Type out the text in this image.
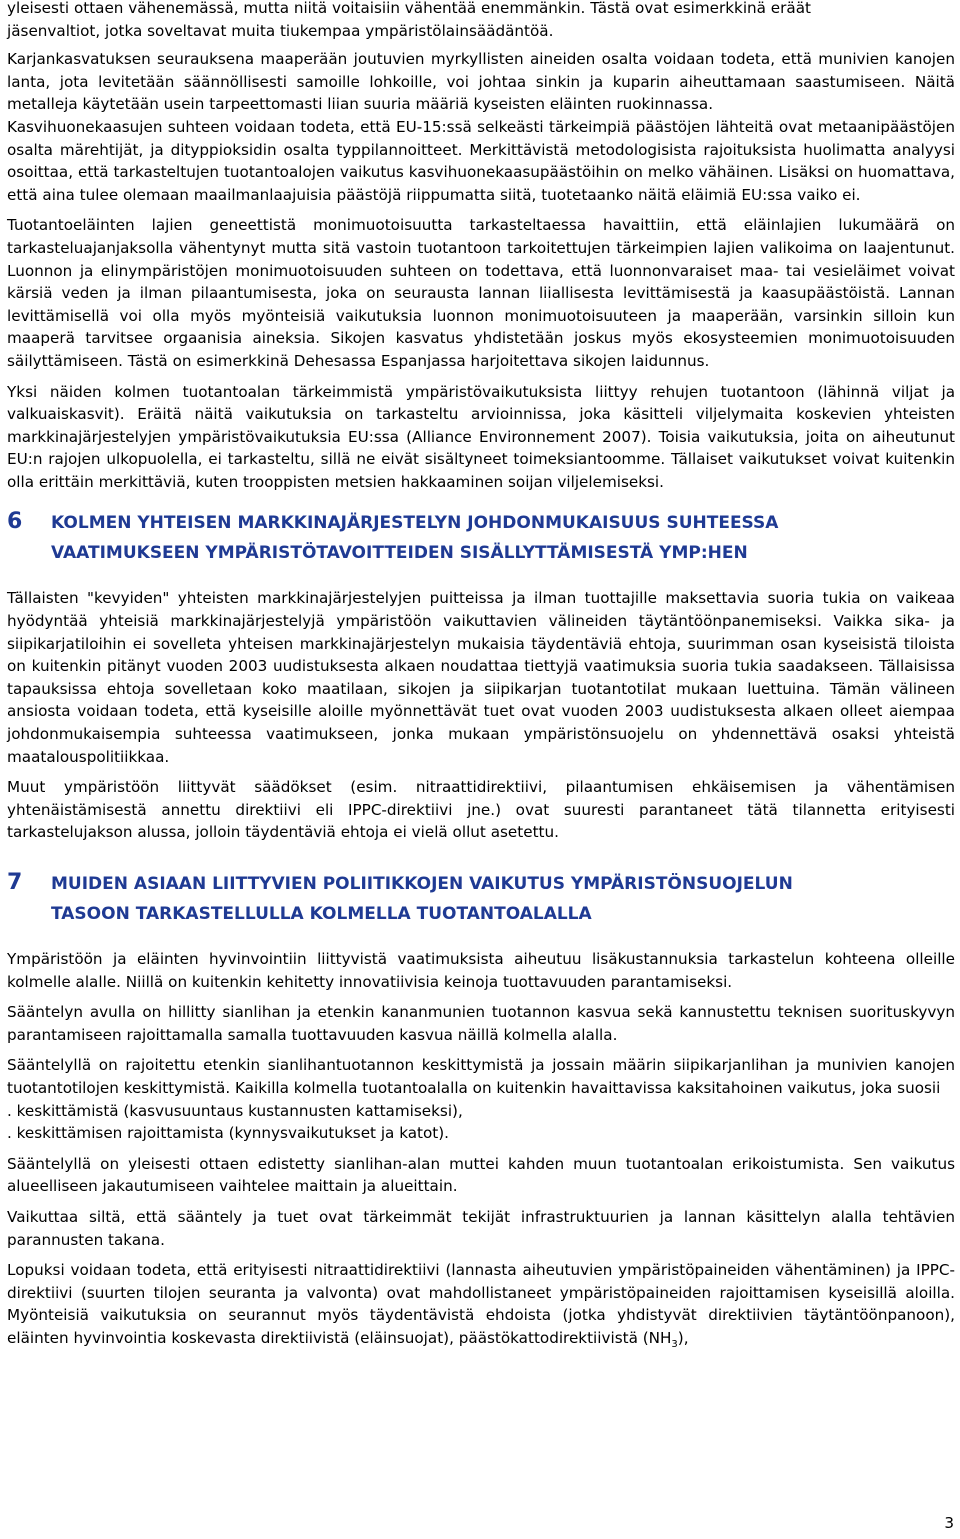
yleisesti ottaen vähenemässä, mutta niitä voitaisiin vähentää enemmänkin. Tästä ovat esimerkkinä eräät
jäsenvaltiot, jotka soveltavat muita tiukempaa ympäristölainsäädäntöä.

Karjankasvatuksen seurauksena maaperään joutuvien myrkyllisten aineiden osalta voidaan todeta, että munivien kanojen lanta, jota levitetään säännöllisesti samoille lohkoille, voi johtaa sinkin ja kuparin aiheuttamaan saastumiseen. Näitä metalleja käytetään usein tarpeettomasti liian suuria määriä kyseisten eläinten ruokinnassa.

Kasvihuonekaasujen suhteen voidaan todeta, että EU-15:ssä selkeästi tärkeimpiä päästöjen lähteitä ovat metaanipäästöjen osalta märehtijät, ja dityppioksidin osalta typpilannoitteet. Merkittävistä metodologisista rajoituksista huolimatta analyysi osoittaa, että tarkasteltujen tuotantoalojen vaikutus kasvihuonekaasupäästöihin on melko vähäinen. Lisäksi on huomattava, että aina tulee olemaan maailmanlaajuisia päästöjä riippumatta siitä, tuotetaanko näitä eläimiä EU:ssa vaiko ei.

Tuotantoeläinten lajien geneettistä monimuotoisuutta tarkasteltaessa havaittiin, että eläinlajien lukumäärä on tarkasteluajanjaksolla vähentynyt mutta sitä vastoin tuotantoon tarkoitettujen tärkeimpien lajien valikoima on laajentunut. Luonnon ja elinympäristöjen monimuotoisuuden suhteen on todettava, että luonnonvaraiset maa- tai vesieläimet voivat kärsiä veden ja ilman pilaantumisesta, joka on seurausta lannan liiallisesta levittämisestä ja kaasupäästöistä. Lannan levittämisellä voi olla myös myönteisiä vaikutuksia luonnon monimuotoisuuteen ja maaperään, varsinkin silloin kun maaperä tarvitsee orgaanisia aineksia. Sikojen kasvatus yhdistetään joskus myös ekosysteemien monimuotoisuuden säilyttämiseen. Tästä on esimerkkinä Dehesassa Espanjassa harjoitettava sikojen laidunnus.

Yksi näiden kolmen tuotantoalan tärkeimmistä ympäristövaikutuksista liittyy rehujen tuotantoon (lähinnä viljat ja valkuaiskasvit). Eräitä näitä vaikutuksia on tarkasteltu arvioinnissa, joka käsitteli viljelymaita koskevien yhteisten markkinajärjestelyjen ympäristövaikutuksia EU:ssa (Alliance Environnement 2007). Toisia vaikutuksia, joita on aiheutunut EU:n rajojen ulkopuolella, ei tarkasteltu, sillä ne eivät sisältyneet toimeksiantoomme. Tällaiset vaikutukset voivat kuitenkin olla erittäin merkittäviä, kuten trooppisten metsien hakkaaminen soijan viljelemiseksi.

6 KOLMEN YHTEISEN MARKKINAJÄRJESTELYN JOHDONMUKAISUUS SUHTEESSA
VAATIMUKSEEN YMPÄRISTÖTAVOITTEIDEN SISÄLLYTTÄMISESTÄ YMP:HEN

Tällaisten "kevyiden" yhteisten markkinajärjestelyjen puitteissa ja ilman tuottajille maksettavia suoria tukia on vaikeaa hyödyntää yhteisiä markkinajärjestelyjä ympäristöön vaikuttavien välineiden täytäntöönpanemiseksi. Vaikka sika- ja siipikarjatiloihin ei sovelleta yhteisen markkinajärjestelyn mukaisia täydentäviä ehtoja, suurimman osan kyseisistä tiloista on kuitenkin pitänyt vuoden 2003 uudistuksesta alkaen noudattaa tiettyjä vaatimuksia suoria tukia saadakseen. Tällaisissa tapauksissa ehtoja sovelletaan koko maatilaan, sikojen ja siipikarjan tuotantotilat mukaan luettuina. Tämän välineen ansiosta voidaan todeta, että kyseisille aloille myönnettävät tuet ovat vuoden 2003 uudistuksesta alkaen olleet aiempaa johdonmukaisempia suhteessa vaatimukseen, jonka mukaan ympäristönsuojelu on yhdennettävä osaksi yhteistä maatalouspolitiikkaa.

Muut ympäristöön liittyvät säädökset (esim. nitraattidirektiivi, pilaantumisen ehkäisemisen ja vähentämisen yhtenäistämisestä annettu direktiivi eli IPPC-direktiivi jne.) ovat suuresti parantaneet tätä tilannetta erityisesti tarkastelujakson alussa, jolloin täydentäviä ehtoja ei vielä ollut asetettu.

7 MUIDEN ASIAAN LIITTYVIEN POLIITIKKOJEN VAIKUTUS YMPÄRISTÖNSUOJELUN
TASOON TARKASTELLULLA KOLMELLA TUOTANTOALALLA

Ympäristöön ja eläinten hyvinvointiin liittyvistä vaatimuksista aiheutuu lisäkustannuksia tarkastelun kohteena olleille kolmelle alalle. Niillä on kuitenkin kehitetty innovatiivisia keinoja tuottavuuden parantamiseksi.

Sääntelyn avulla on hillitty sianlihan ja etenkin kananmunien tuotannon kasvua sekä kannustettu teknisen suorituskyvyn parantamiseen rajoittamalla samalla tuottavuuden kasvua näillä kolmella alalla.

Sääntelyllä on rajoitettu etenkin sianlihantuotannon keskittymistä ja jossain määrin siipikarjanlihan ja munivien kanojen tuotantotilojen keskittymistä. Kaikilla kolmella tuotantoalalla on kuitenkin havaittavissa kaksitahoinen vaikutus, joka suosii

. keskittämistä (kasvusuuntaus kustannusten kattamiseksi),

. keskittämisen rajoittamista (kynnysvaikutukset ja katot).

Sääntelyllä on yleisesti ottaen edistetty sianlihan-alan muttei kahden muun tuotantoalan erikoistumista. Sen vaikutus alueelliseen jakautumiseen vaihtelee maittain ja alueittain.

Vaikuttaa siltä, että sääntely ja tuet ovat tärkeimmät tekijät infrastruktuurien ja lannan käsittelyn alalla tehtävien parannusten takana.

Lopuksi voidaan todeta, että erityisesti nitraattidirektiivi (lannasta aiheutuvien ympäristöpaineiden vähentäminen) ja IPPC-direktiivi (suurten tilojen seuranta ja valvonta) ovat mahdollistaneet ympäristöpaineiden rajoittamisen kyseisillä aloilla. Myönteisiä vaikutuksia on seurannut myös täydentävistä ehdoista (jotka yhdistyvät direktiivien täytäntöönpanoon), eläinten hyvinvointia koskevasta direktiivistä (eläinsuojat), päästökattodirektiivistä $(NH_3)$,

3
